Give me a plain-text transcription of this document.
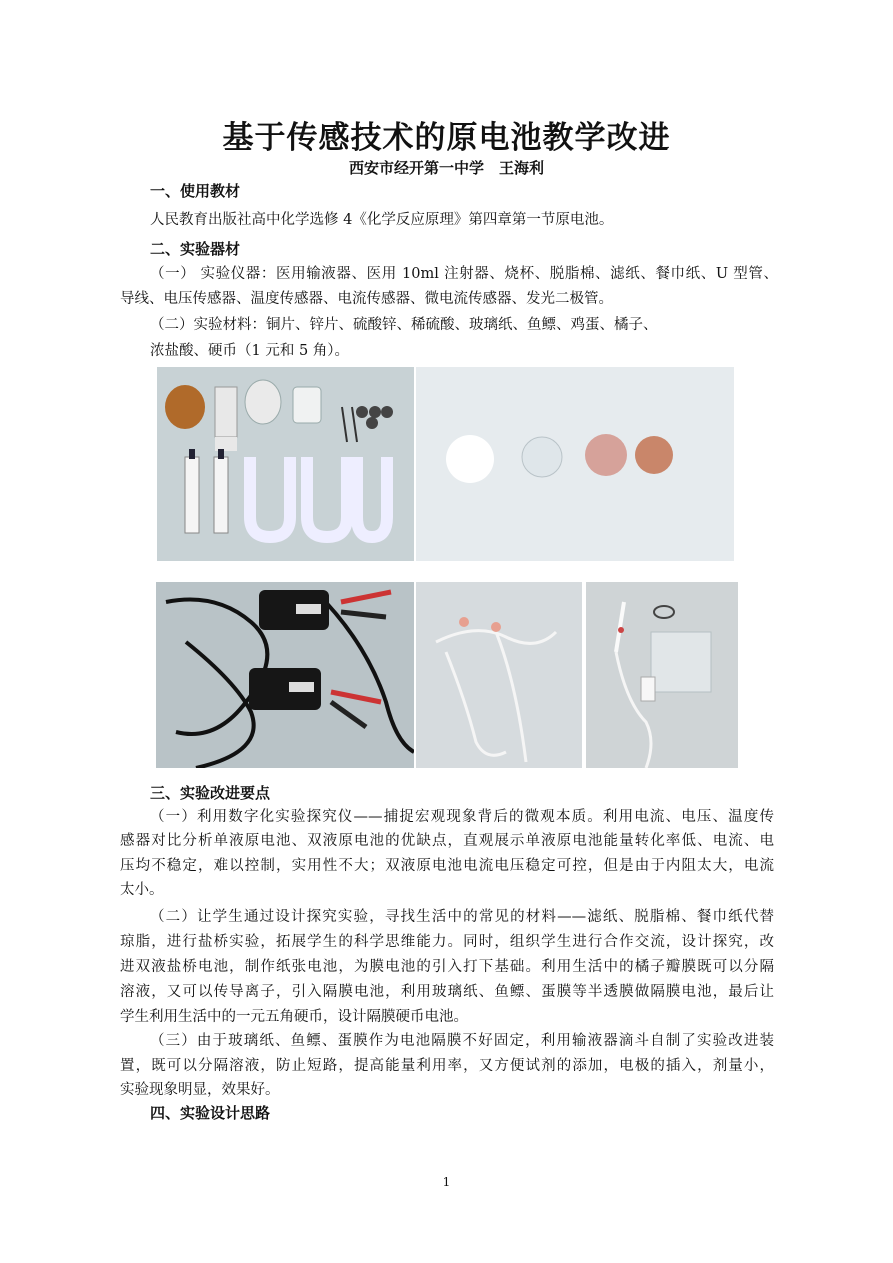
基于传感技术的原电池教学改进
西安市经开第一中学　王海利
一、使用教材
人民教育出版社高中化学选修 4《化学反应原理》第四章第一节原电池。
二、实验器材
（一） 实验仪器：医用输液器、医用 10ml 注射器、烧杯、脱脂棉、滤纸、餐巾纸、U 型管、
导线、电压传感器、温度传感器、电流传感器、微电流传感器、发光二极管。
（二）实验材料：铜片、锌片、硫酸锌、稀硫酸、玻璃纸、鱼鳔、鸡蛋、橘子、
浓盐酸、硬币（1 元和 5 角）。
三、实验改进要点
（一）利用数字化实验探究仪——捕捉宏观现象背后的微观本质。利用电流、电压、温度传
感器对比分析单液原电池、双液原电池的优缺点，直观展示单液原电池能量转化率低、电流、电
压均不稳定，难以控制，实用性不大；双液原电池电流电压稳定可控，但是由于内阻太大，电流
太小。
（二）让学生通过设计探究实验，寻找生活中的常见的材料——滤纸、脱脂棉、餐巾纸代替
琼脂，进行盐桥实验，拓展学生的科学思维能力。同时，组织学生进行合作交流，设计探究，改
进双液盐桥电池，制作纸张电池，为膜电池的引入打下基础。利用生活中的橘子瓣膜既可以分隔
溶液，又可以传导离子，引入隔膜电池，利用玻璃纸、鱼鳔、蛋膜等半透膜做隔膜电池，最后让
学生利用生活中的一元五角硬币，设计隔膜硬币电池。
（三）由于玻璃纸、鱼鳔、蛋膜作为电池隔膜不好固定，利用输液器滴斗自制了实验改进装
置，既可以分隔溶液，防止短路，提高能量利用率，又方便试剂的添加，电极的插入，剂量小，
实验现象明显，效果好。
四、实验设计思路
1
